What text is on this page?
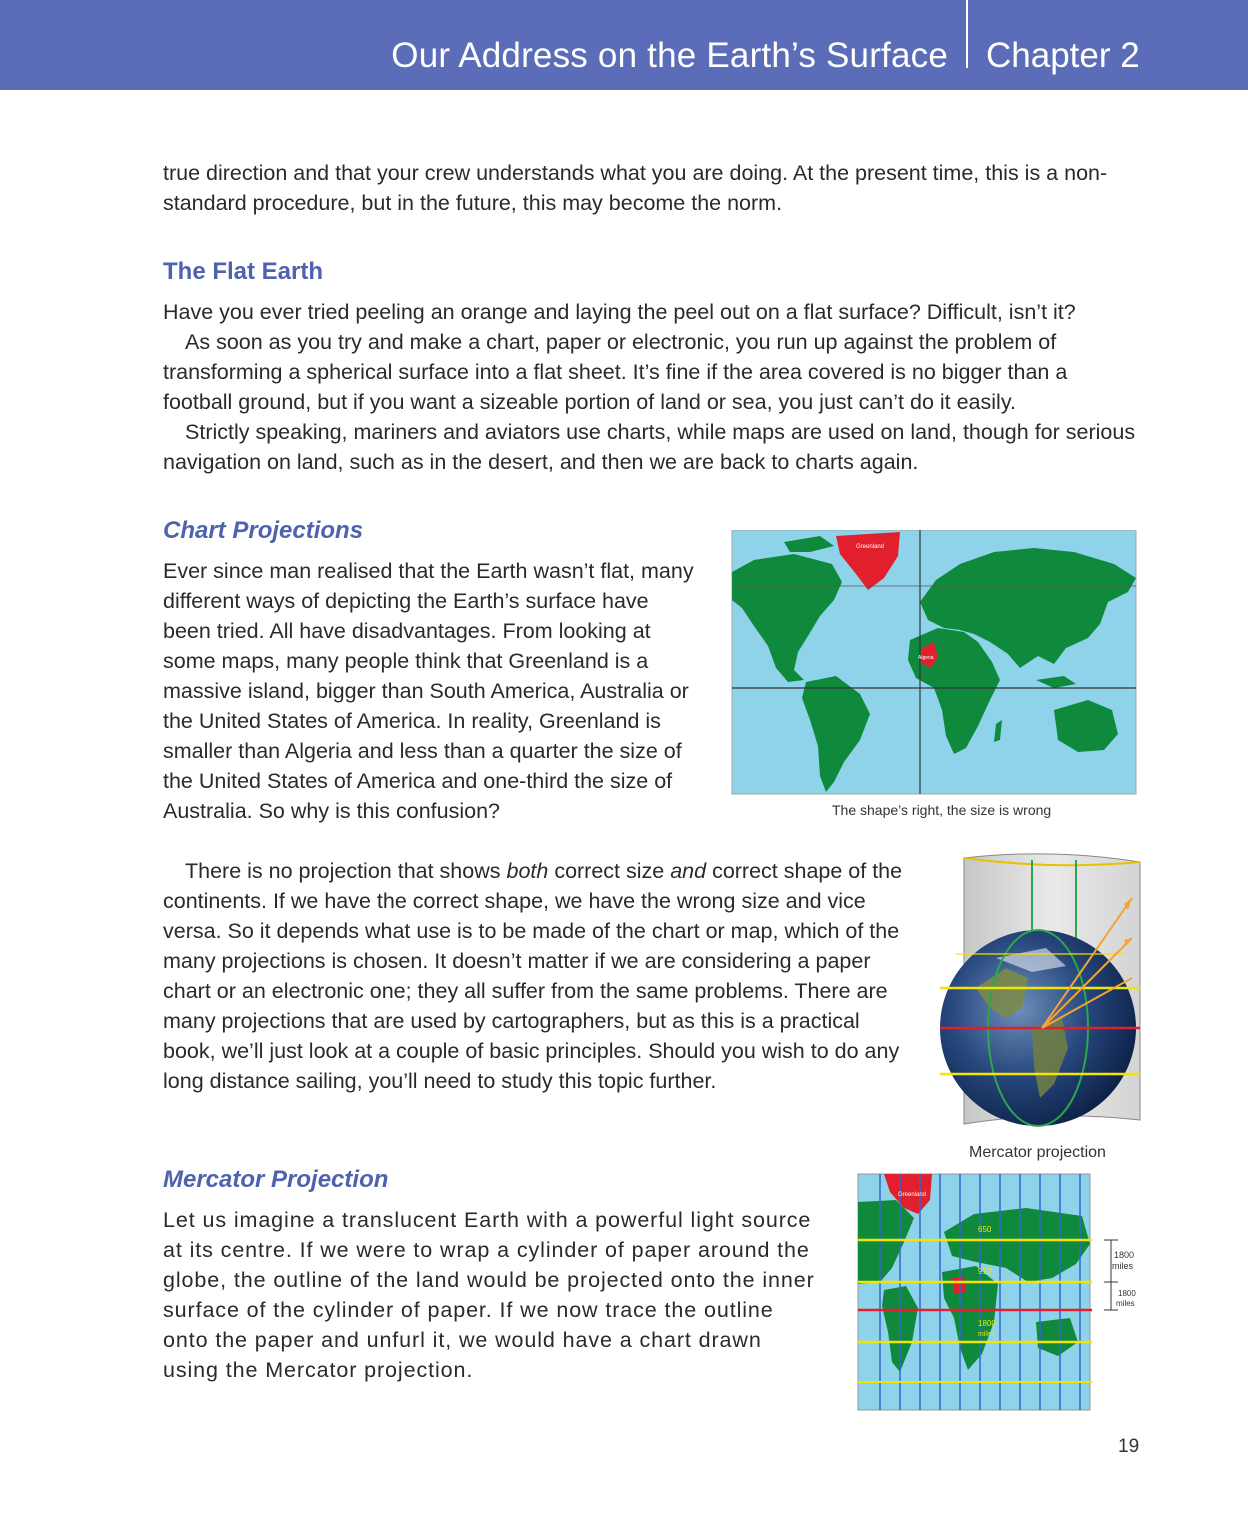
Our Address on the Earth’s Surface Chapter 2

true direction and that your crew understands what you are doing. At the present time, this is a non-standard procedure, but in the future, this may become the norm.

The Flat Earth

Have you ever tried peeling an orange and laying the peel out on a flat surface? Difficult, isn’t it?

As soon as you try and make a chart, paper or electronic, you run up against the problem of transforming a spherical surface into a flat sheet. It’s fine if the area covered is no bigger than a football ground, but if you want a sizeable portion of land or sea, you just can’t do it easily.

Strictly speaking, mariners and aviators use charts, while maps are used on land, though for serious navigation on land, such as in the desert, and then we are back to charts again.

Chart Projections

Ever since man realised that the Earth wasn’t flat, many different ways of depicting the Earth’s surface have been tried. All have disadvantages. From looking at some maps, many people think that Greenland is a massive island, bigger than South America, Australia or the United States of America. In reality, Greenland is smaller than Algeria and less than a quarter the size of the United States of America and one-third the size of Australia. So why is this confusion?

There is no projection that shows both correct size and correct shape of the continents. If we have the correct shape, we have the wrong size and vice versa. So it depends what use is to be made of the chart or map, which of the many projections is chosen. It doesn’t matter if we are considering a paper chart or an electronic one; they all suffer from the same problems. There are many projections that are used by cartographers, but as this is a practical book, we’ll just look at a couple of basic principles. Should you wish to do any long distance sailing, you’ll need to study this topic further.

Mercator Projection

Let us imagine a translucent Earth with a powerful light source at its centre. If we were to wrap a cylinder of paper around the globe, the outline of the land would be projected onto the inner surface of the cylinder of paper. If we now trace the outline onto the paper and unfurl it, we would have a chart drawn using the Mercator projection.

Greenland
Algeria
The shape’s right, the size is wrong
Mercator projection
650
910
1800
miles
Greenland
1800
miles
1800
miles
19
